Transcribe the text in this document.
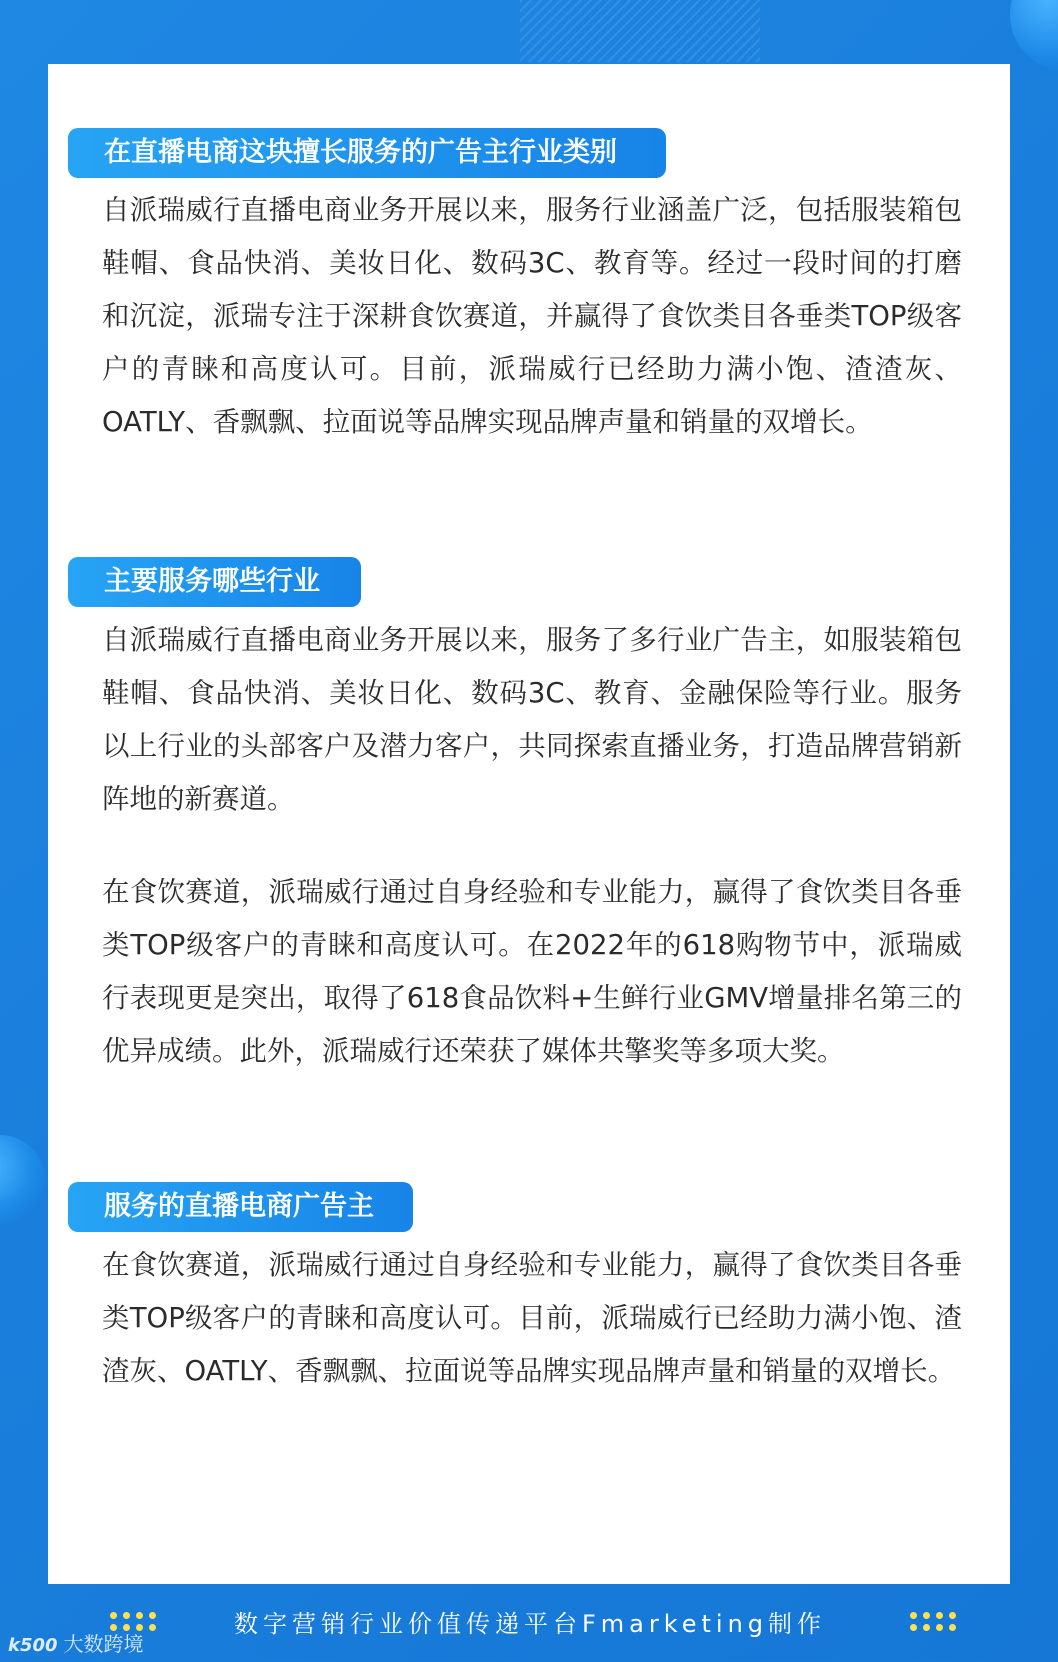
在直播电商这块擅长服务的广告主行业类别

自派瑞威行直播电商业务开展以来，服务行业涵盖广泛，包括服装箱包鞋帽、食品快消、美妆日化、数码3C、教育等。经过一段时间的打磨和沉淀，派瑞专注于深耕食饮赛道，并赢得了食饮类目各垂类TOP级客户的青睐和高度认可。目前，派瑞威行已经助力满小饱、渣渣灰、OATLY、香飘飘、拉面说等品牌实现品牌声量和销量的双增长。

主要服务哪些行业

自派瑞威行直播电商业务开展以来，服务了多行业广告主，如服装箱包鞋帽、食品快消、美妆日化、数码3C、教育、金融保险等行业。服务以上行业的头部客户及潜力客户，共同探索直播业务，打造品牌营销新阵地的新赛道。

在食饮赛道，派瑞威行通过自身经验和专业能力，赢得了食饮类目各垂类TOP级客户的青睐和高度认可。在2022年的618购物节中，派瑞威行表现更是突出，取得了618食品饮料+生鲜行业GMV增量排名第三的优异成绩。此外，派瑞威行还荣获了媒体共擎奖等多项大奖。

服务的直播电商广告主

在食饮赛道，派瑞威行通过自身经验和专业能力，赢得了食饮类目各垂类TOP级客户的青睐和高度认可。目前，派瑞威行已经助力满小饱、渣渣灰、OATLY、香飘飘、拉面说等品牌实现品牌声量和销量的双增长。

数字营销行业价值传递平台Fmarketing制作
k500 大数跨境
